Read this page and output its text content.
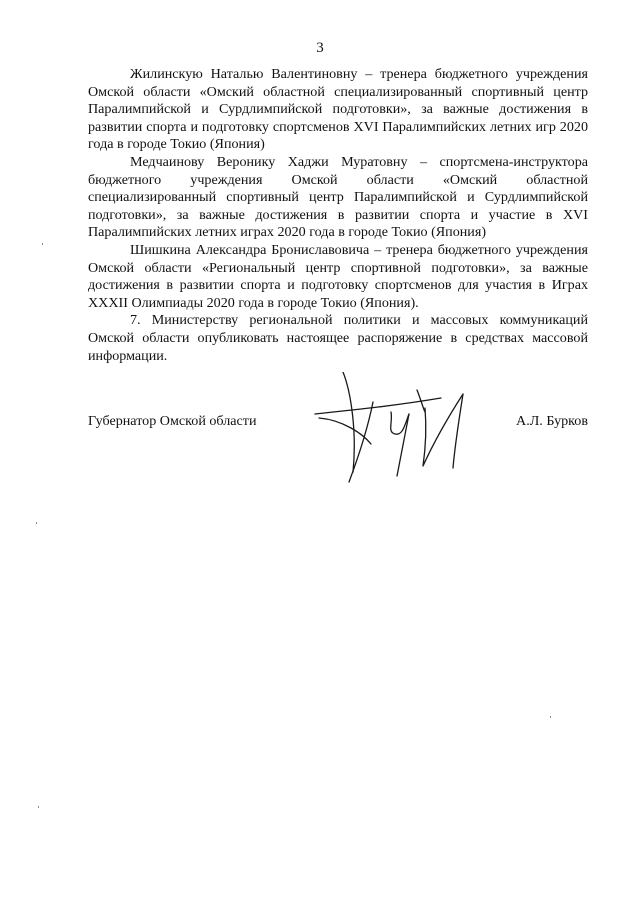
3

Жилинскую Наталью Валентиновну – тренера бюджетного учреждения Омской области «Омский областной специализированный спортивный центр Паралимпийской и Сурдлимпийской подготовки», за важные достижения в развитии спорта и подготовку спортсменов XVI Паралимпийских летних игр 2020 года в городе Токио (Япония)

Медчаинову Веронику Хаджи Муратовну – спортсмена-инструктора бюджетного учреждения Омской области «Омский областной специализированный спортивный центр Паралимпийской и Сурдлимпийской подготовки», за важные достижения в развитии спорта и участие в XVI Паралимпийских летних играх 2020 года в городе Токио (Япония)

Шишкина Александра Брониславовича – тренера бюджетного учреждения Омской области «Региональный центр спортивной подготовки», за важные достижения в развитии спорта и подготовку спортсменов для участия в Играх XXXII Олимпиады 2020 года в городе Токио (Япония).

7. Министерству региональной политики и массовых коммуникаций Омской области опубликовать настоящее распоряжение в средствах массовой информации.

Губернатор Омской области	А.Л. Бурков
